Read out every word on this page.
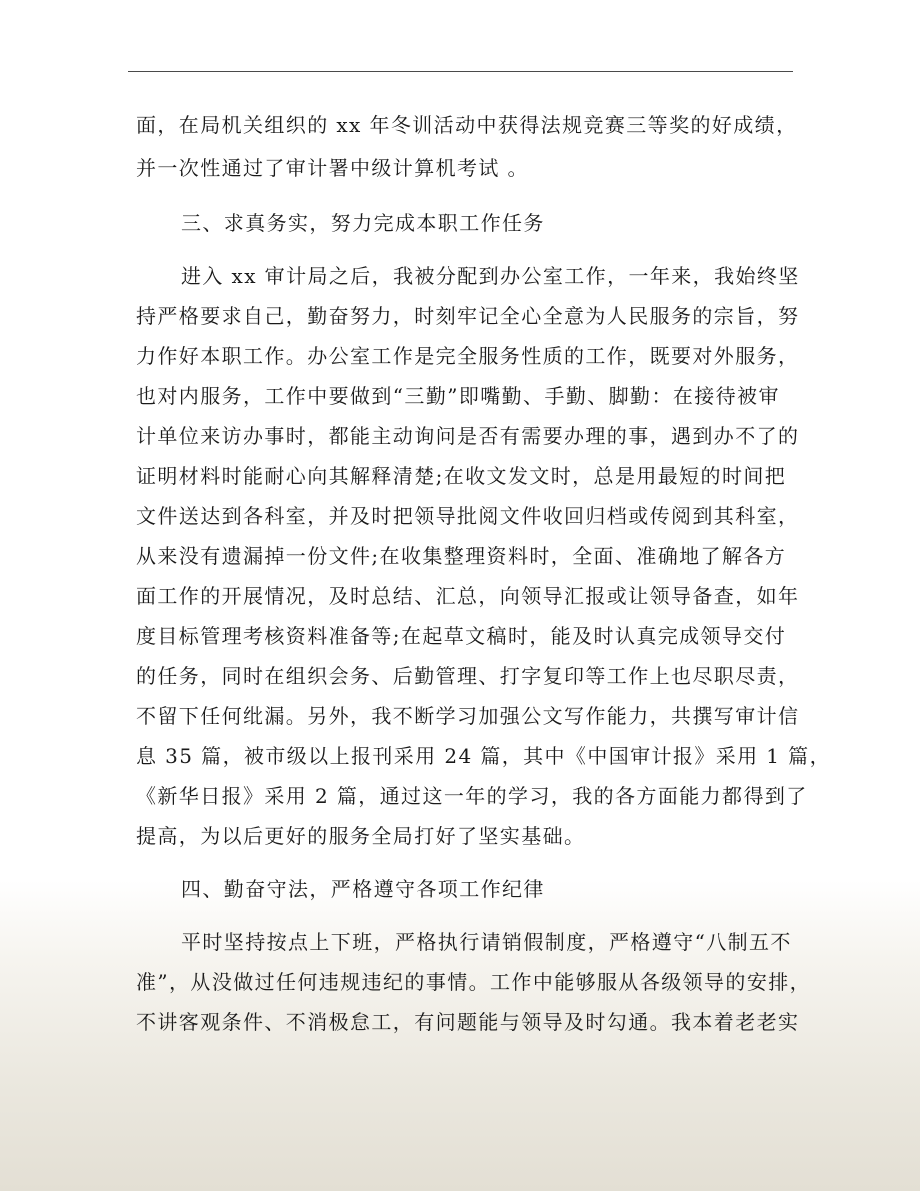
面，在局机关组织的 xx 年冬训活动中获得法规竞赛三等奖的好成绩，
并一次性通过了审计署中级计算机考试 。
三、求真务实，努力完成本职工作任务
进入 xx 审计局之后，我被分配到办公室工作，一年来，我始终坚
持严格要求自己，勤奋努力，时刻牢记全心全意为人民服务的宗旨，努
力作好本职工作。办公室工作是完全服务性质的工作，既要对外服务，
也对内服务，工作中要做到“三勤”即嘴勤、手勤、脚勤：在接待被审
计单位来访办事时，都能主动询问是否有需要办理的事，遇到办不了的
证明材料时能耐心向其解释清楚;在收文发文时，总是用最短的时间把
文件送达到各科室，并及时把领导批阅文件收回归档或传阅到其科室，
从来没有遗漏掉一份文件;在收集整理资料时，全面、准确地了解各方
面工作的开展情况，及时总结、汇总，向领导汇报或让领导备查，如年
度目标管理考核资料准备等;在起草文稿时，能及时认真完成领导交付
的任务，同时在组织会务、后勤管理、打字复印等工作上也尽职尽责，
不留下任何纰漏。另外，我不断学习加强公文写作能力，共撰写审计信
息 35 篇，被市级以上报刊采用 24 篇，其中《中国审计报》采用 1 篇，
《新华日报》采用 2 篇，通过这一年的学习，我的各方面能力都得到了
提高，为以后更好的服务全局打好了坚实基础。
四、勤奋守法，严格遵守各项工作纪律
平时坚持按点上下班，严格执行请销假制度，严格遵守“八制五不
准”，从没做过任何违规违纪的事情。工作中能够服从各级领导的安排，
不讲客观条件、不消极怠工，有问题能与领导及时勾通。我本着老老实
